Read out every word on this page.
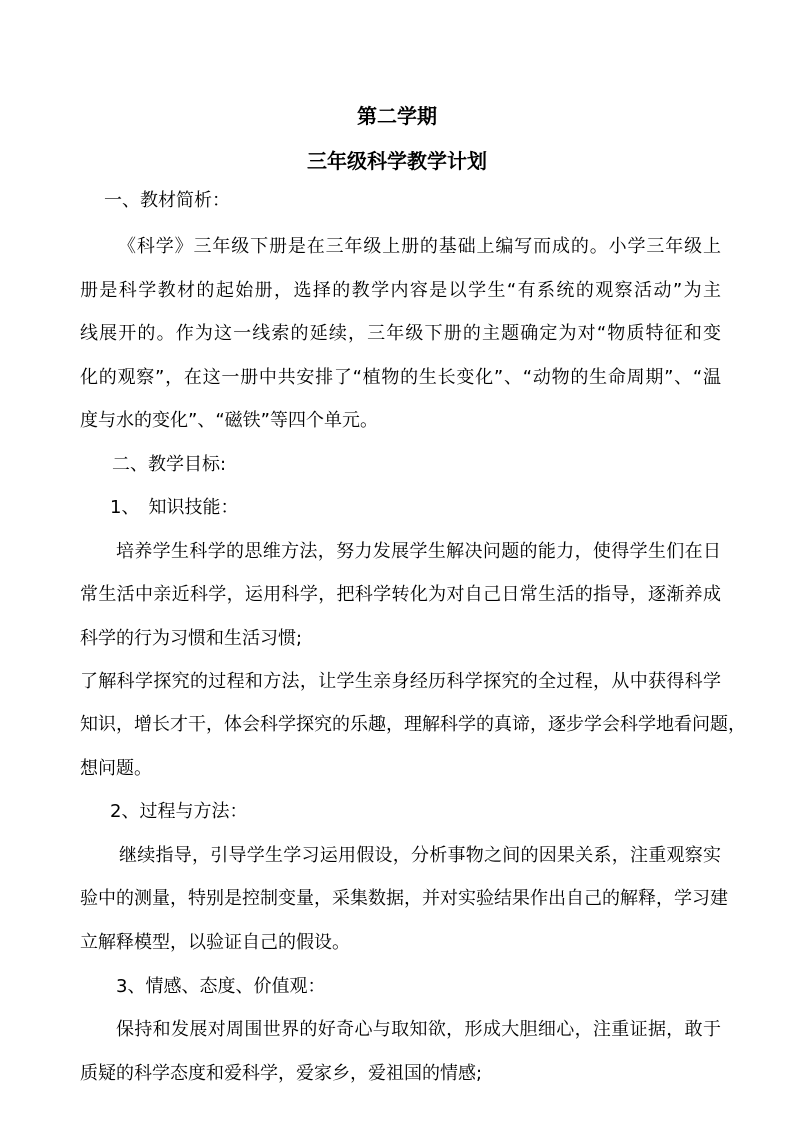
第二学期
三年级科学教学计划
一、教材简析：
《科学》三年级下册是在三年级上册的基础上编写而成的。小学三年级上
册是科学教材的起始册，选择的教学内容是以学生“有系统的观察活动”为主
线展开的。作为这一线索的延续，三年级下册的主题确定为对“物质特征和变
化的观察”，在这一册中共安排了“植物的生长变化”、“动物的生命周期”、“温
度与水的变化”、“磁铁”等四个单元。
二、教学目标:
1、　知识技能：
培养学生科学的思维方法，努力发展学生解决问题的能力，使得学生们在日
常生活中亲近科学，运用科学，把科学转化为对自己日常生活的指导，逐渐养成
科学的行为习惯和生活习惯;
了解科学探究的过程和方法，让学生亲身经历科学探究的全过程，从中获得科学
知识，增长才干，体会科学探究的乐趣，理解科学的真谛，逐步学会科学地看问题，
想问题。
2、过程与方法：
继续指导，引导学生学习运用假设，分析事物之间的因果关系，注重观察实
验中的测量，特别是控制变量，采集数据，并对实验结果作出自己的解释，学习建
立解释模型，以验证自己的假设。
3、情感、态度、价值观：
保持和发展对周围世界的好奇心与取知欲，形成大胆细心，注重证据，敢于
质疑的科学态度和爱科学，爱家乡，爱祖国的情感;
